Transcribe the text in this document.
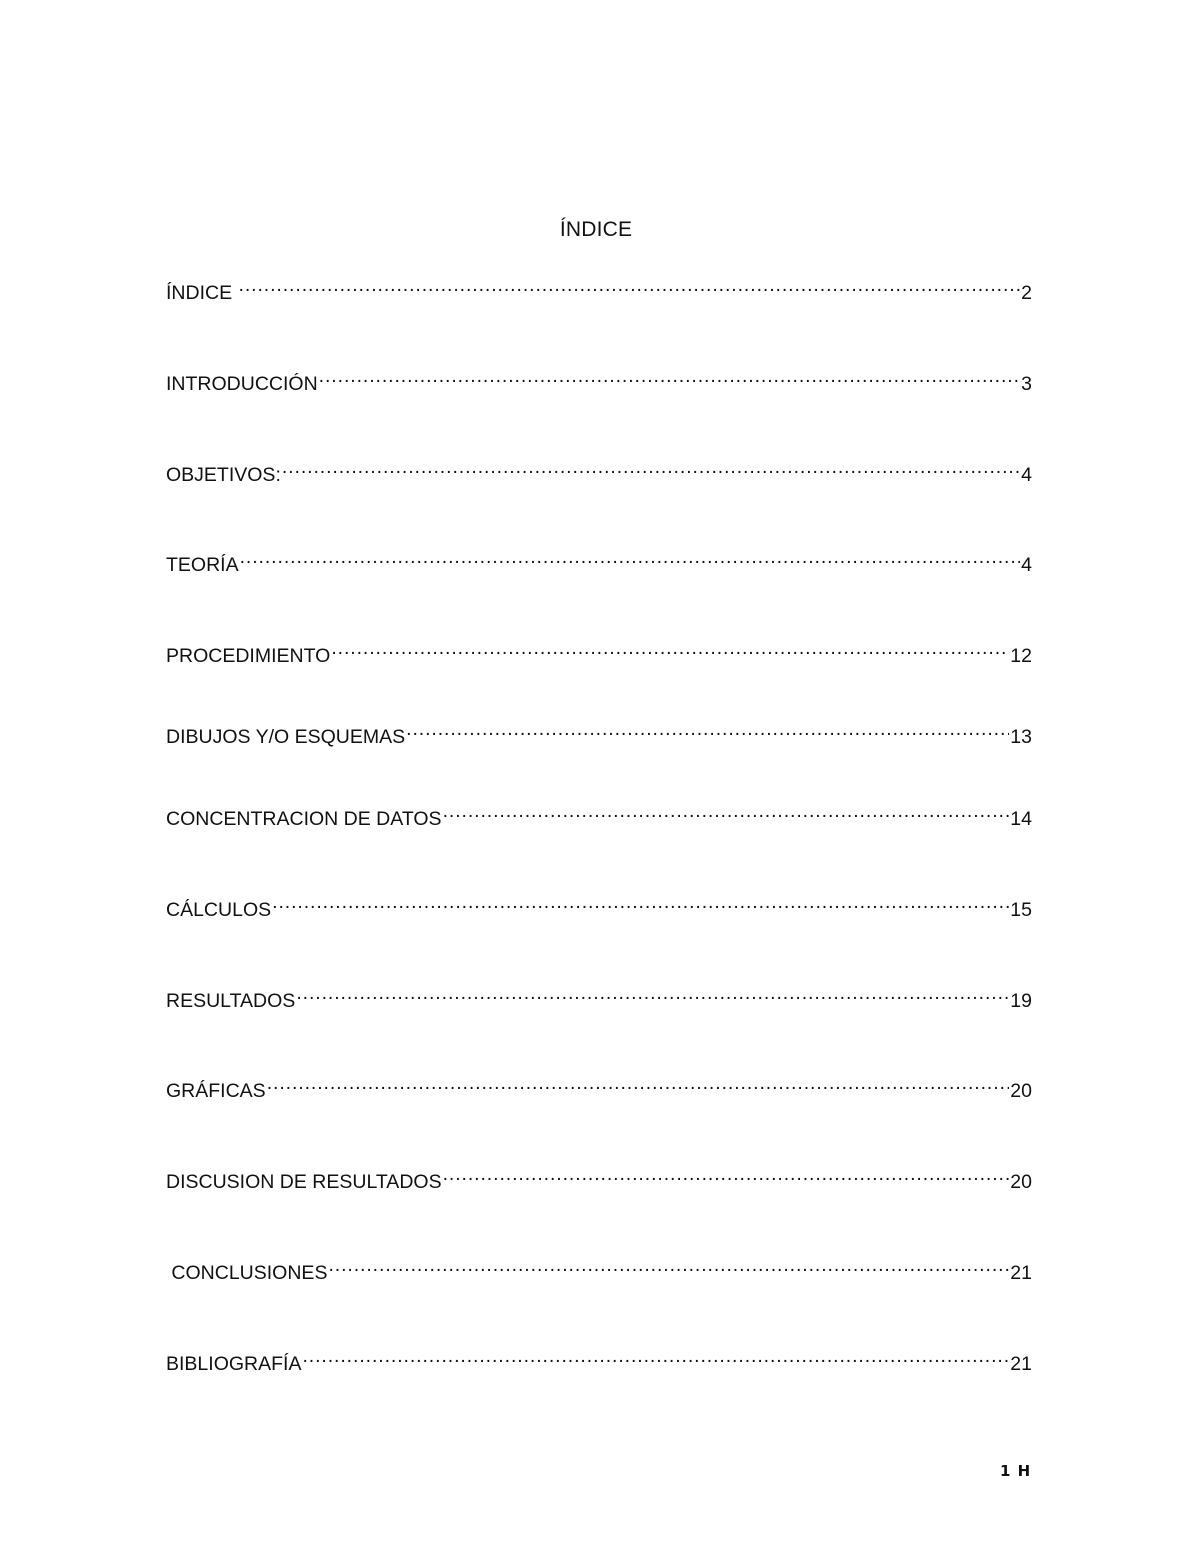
ÍNDICE
ÍNDICE .....	2
INTRODUCCIÓN .....	3
OBJETIVOS: .....	4
TEORÍA .....	4
PROCEDIMIENTO .....	12
DIBUJOS Y/O ESQUEMAS .....	13
CONCENTRACION DE DATOS .....	14
CÁLCULOS .....	15
RESULTADOS .....	19
GRÁFICAS .....	20
DISCUSION DE RESULTADOS .....	20
CONCLUSIONES .....	21
BIBLIOGRAFÍA .....	21
1 H
